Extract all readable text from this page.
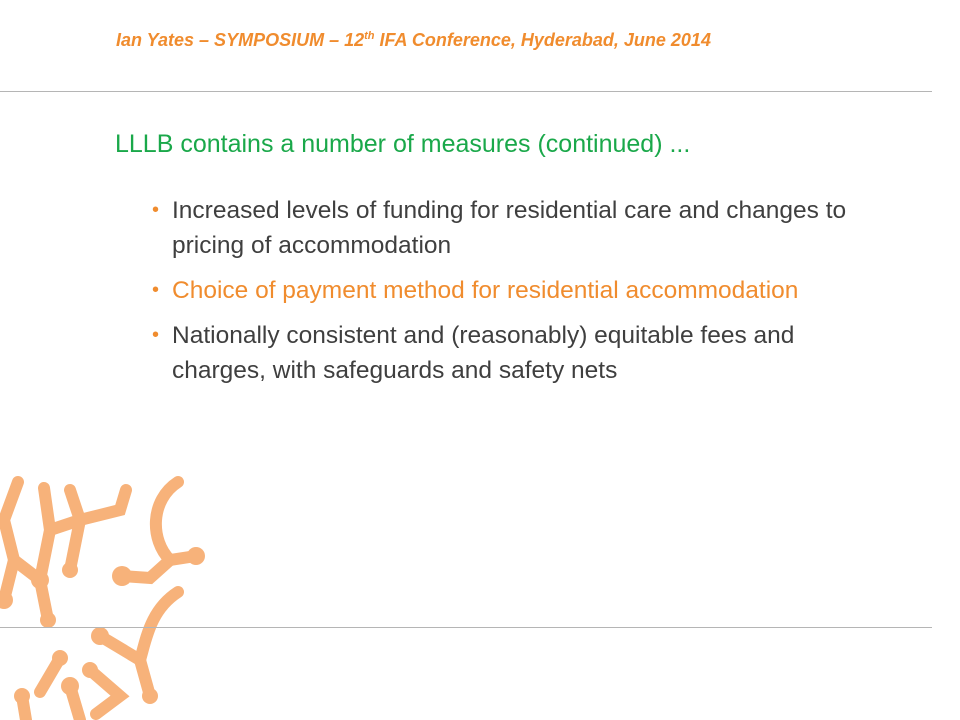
Ian Yates – SYMPOSIUM – 12th IFA Conference, Hyderabad, June 2014
LLLB contains a number of measures (continued) ...
• Increased levels of funding for residential care and changes to pricing of accommodation
• Choice of payment method for residential accommodation
• Nationally consistent and (reasonably) equitable fees and charges, with safeguards and safety nets
